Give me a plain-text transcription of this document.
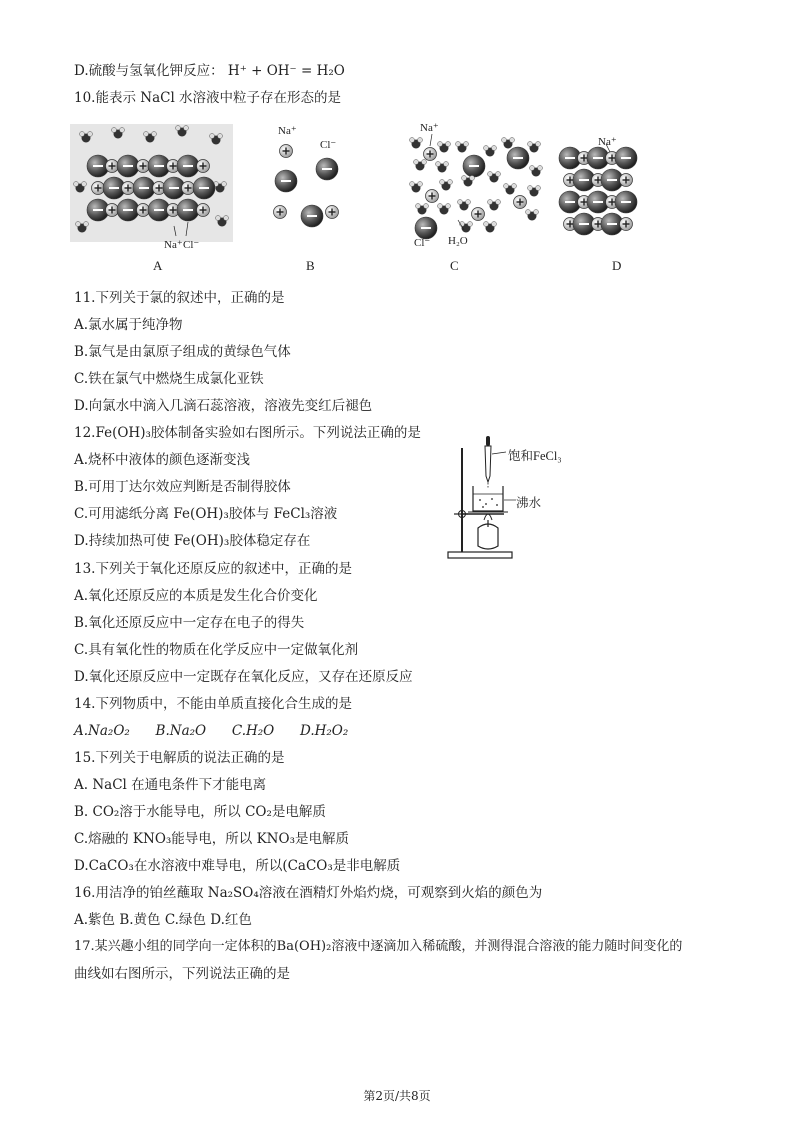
D.硫酸与氢氧化钾反应： H⁺ + OH⁻ = H₂O
10.能表示 NaCl 水溶液中粒子存在形态的是
Na⁺ Cl⁻
Na⁺
Cl⁻
Na⁺
Cl⁻ H₂O
Na⁺
A	B	C	D
11.下列关于氯的叙述中，正确的是
A.氯水属于纯净物
B.氯气是由氯原子组成的黄绿色气体
C.铁在氯气中燃烧生成氯化亚铁
D.向氯水中滴入几滴石蕊溶液，溶液先变红后褪色
12.Fe(OH)₃胶体制备实验如右图所示。下列说法正确的是
A.烧杯中液体的颜色逐渐变浅
B.可用丁达尔效应判断是否制得胶体
C.可用滤纸分离 Fe(OH)₃胶体与 FeCl₃溶液
D.持续加热可使 Fe(OH)₃胶体稳定存在
饱和FeCl₃
沸水
13.下列关于氧化还原反应的叙述中，正确的是
A.氧化还原反应的本质是发生化合价变化
B.氧化还原反应中一定存在电子的得失
C.具有氧化性的物质在化学反应中一定做氧化剂
D.氧化还原反应中一定既存在氧化反应，又存在还原反应
14.下列物质中，不能由单质直接化合生成的是
A.Na₂O₂      B.Na₂O      C.H₂O      D.H₂O₂
15.下列关于电解质的说法正确的是
A. NaCl 在通电条件下才能电离
B. CO₂溶于水能导电，所以 CO₂是电解质
C.熔融的 KNO₃能导电，所以 KNO₃是电解质
D.CaCO₃在水溶液中难导电，所以(CaCO₃是非电解质
16.用洁净的铂丝蘸取 Na₂SO₄溶液在酒精灯外焰灼烧，可观察到火焰的颜色为
A.紫色 B.黄色 C.绿色 D.红色
17.某兴趣小组的同学向一定体积的Ba(OH)₂溶液中逐滴加入稀硫酸，并测得混合溶液的能力随时间变化的
曲线如右图所示，下列说法正确的是
第2页/共8页
